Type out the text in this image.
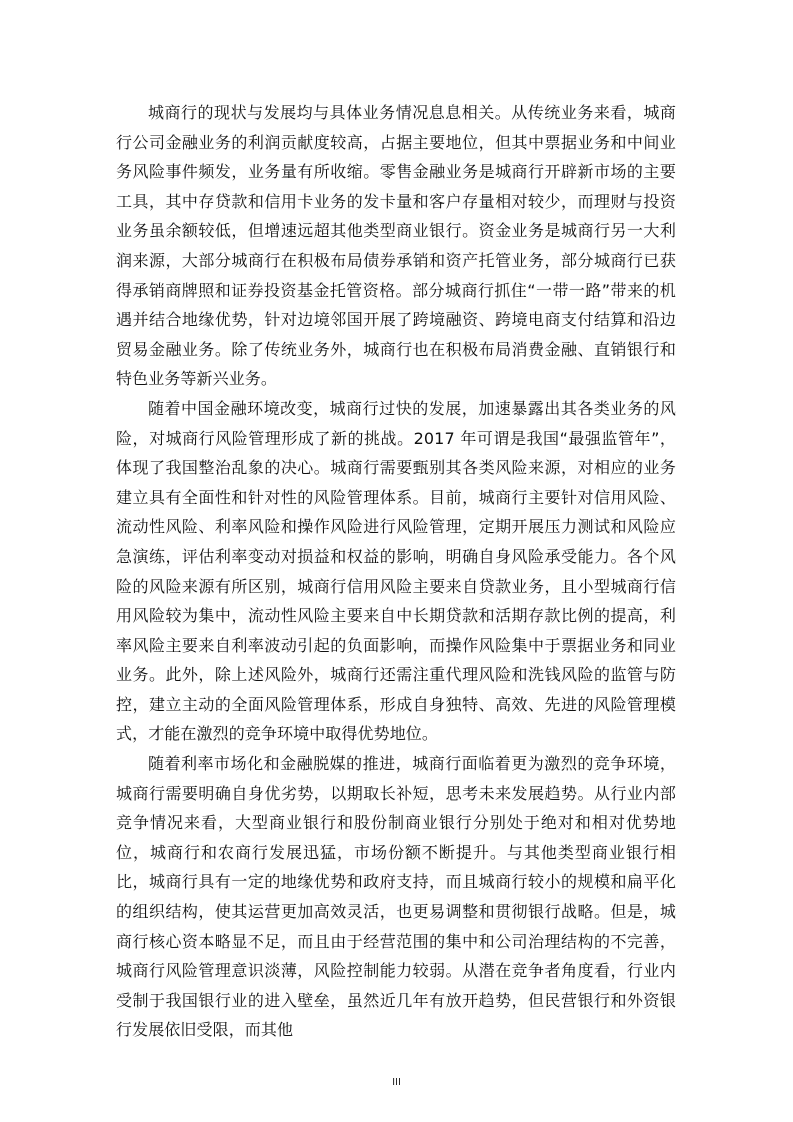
城商行的现状与发展均与具体业务情况息息相关。从传统业务来看，城商行公司金融业务的利润贡献度较高，占据主要地位，但其中票据业务和中间业务风险事件频发，业务量有所收缩。零售金融业务是城商行开辟新市场的主要工具，其中存贷款和信用卡业务的发卡量和客户存量相对较少，而理财与投资业务虽余额较低，但增速远超其他类型商业银行。资金业务是城商行另一大利润来源，大部分城商行在积极布局债券承销和资产托管业务，部分城商行已获得承销商牌照和证券投资基金托管资格。部分城商行抓住“一带一路”带来的机遇并结合地缘优势，针对边境邻国开展了跨境融资、跨境电商支付结算和沿边贸易金融业务。除了传统业务外，城商行也在积极布局消费金融、直销银行和特色业务等新兴业务。

随着中国金融环境改变，城商行过快的发展，加速暴露出其各类业务的风险，对城商行风险管理形成了新的挑战。2017 年可谓是我国“最强监管年”，体现了我国整治乱象的决心。城商行需要甄别其各类风险来源，对相应的业务建立具有全面性和针对性的风险管理体系。目前，城商行主要针对信用风险、流动性风险、利率风险和操作风险进行风险管理，定期开展压力测试和风险应急演练，评估利率变动对损益和权益的影响，明确自身风险承受能力。各个风险的风险来源有所区别，城商行信用风险主要来自贷款业务，且小型城商行信用风险较为集中，流动性风险主要来自中长期贷款和活期存款比例的提高，利率风险主要来自利率波动引起的负面影响，而操作风险集中于票据业务和同业业务。此外，除上述风险外，城商行还需注重代理风险和洗钱风险的监管与防控，建立主动的全面风险管理体系，形成自身独特、高效、先进的风险管理模式，才能在激烈的竞争环境中取得优势地位。

随着利率市场化和金融脱媒的推进，城商行面临着更为激烈的竞争环境，城商行需要明确自身优劣势，以期取长补短，思考未来发展趋势。从行业内部竞争情况来看，大型商业银行和股份制商业银行分别处于绝对和相对优势地位，城商行和农商行发展迅猛，市场份额不断提升。与其他类型商业银行相比，城商行具有一定的地缘优势和政府支持，而且城商行较小的规模和扁平化的组织结构，使其运营更加高效灵活，也更易调整和贯彻银行战略。但是，城商行核心资本略显不足，而且由于经营范围的集中和公司治理结构的不完善，城商行风险管理意识淡薄，风险控制能力较弱。从潜在竞争者角度看，行业内受制于我国银行业的进入壁垒，虽然近几年有放开趋势，但民营银行和外资银行发展依旧受限，而其他

III
